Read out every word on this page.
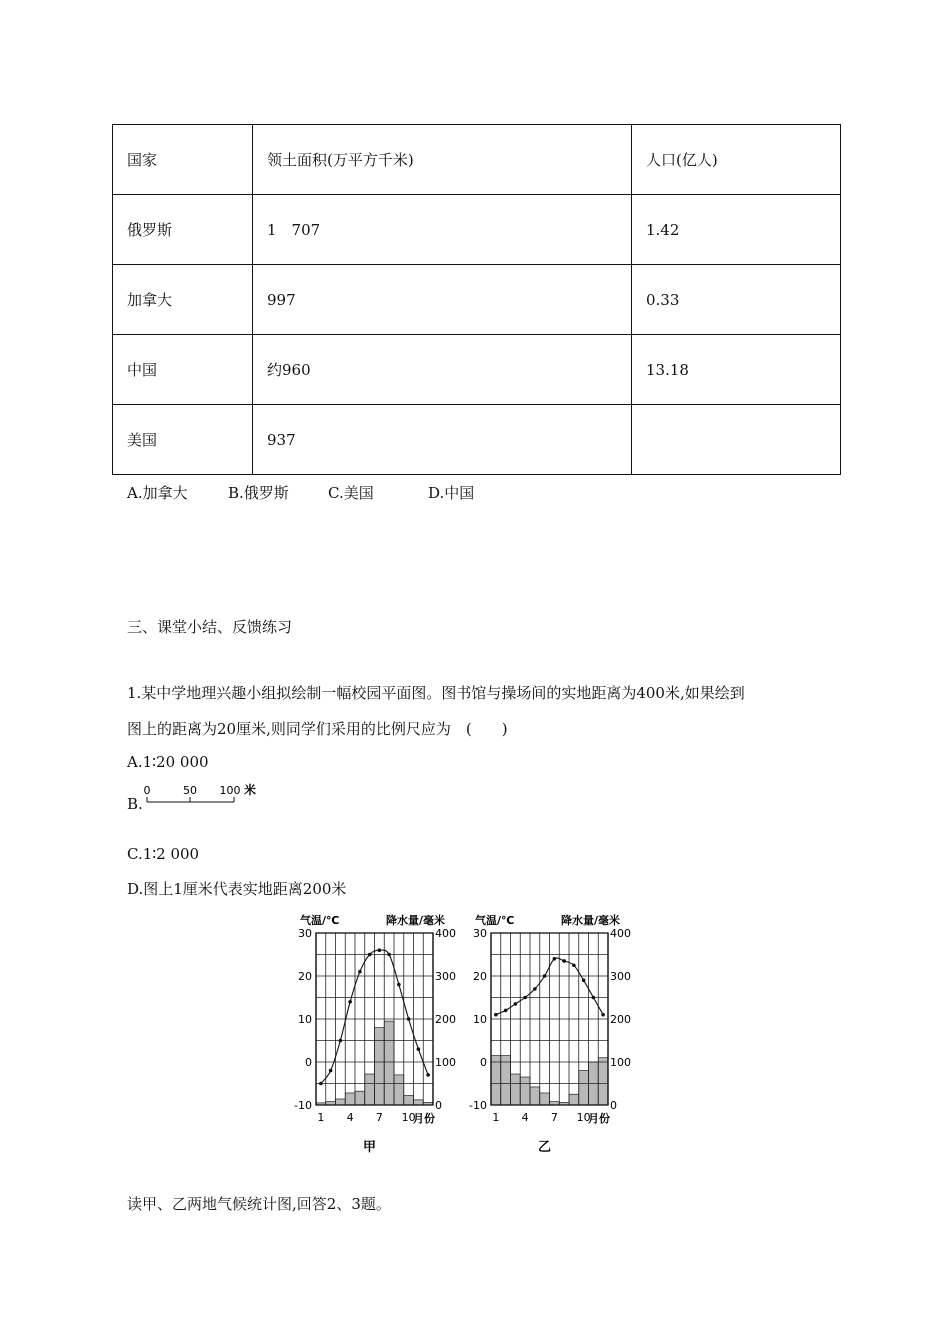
国家	领土面积(万平方千米)	人口(亿人)
俄罗斯	1　707	1.42
加拿大	997	0.33
中国	约960	13.18
美国	937	
A.加拿大	B.俄罗斯	C.美国	D.中国
三、课堂小结、反馈练习
1.某中学地理兴趣小组拟绘制一幅校园平面图。图书馆与操场间的实地距离为400米,如果绘到
图上的距离为20厘米,则同学们采用的比例尺应为　(　　)
A.1∶20 000
B.
0	50 100 米
C.1∶2 000
D.图上1厘米代表实地距离200米
30
20
10
0
-10
400
300
200
100
0
1 4 7 10
月份
气温/℃	降水量/毫米
甲
30
20
10
0
-10
400
300
200
100
0
1 4 7 10
月份
气温/℃	降水量/毫米
乙
读甲、乙两地气候统计图,回答2、3题。
